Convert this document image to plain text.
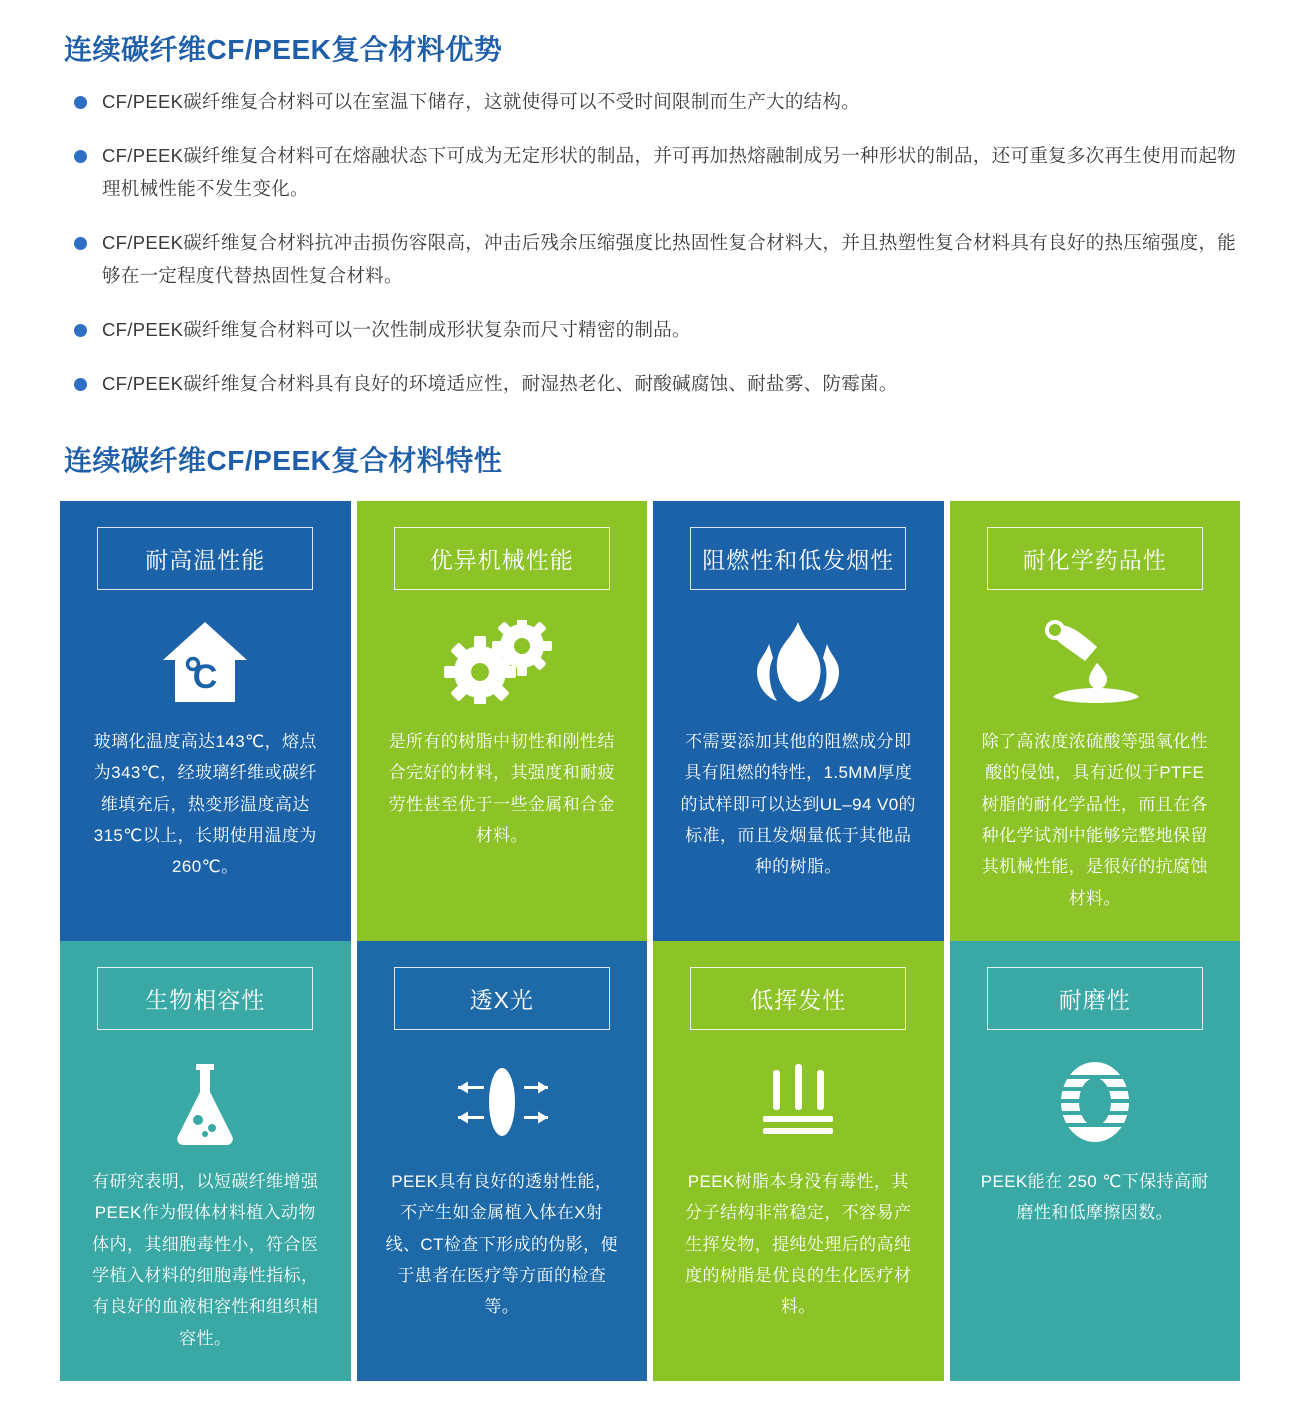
连续碳纤维CF/PEEK复合材料优势
CF/PEEK碳纤维复合材料可以在室温下储存，这就使得可以不受时间限制而生产大的结构。
CF/PEEK碳纤维复合材料可在熔融状态下可成为无定形状的制品，并可再加热熔融制成另一种形状的制品，还可重复多次再生使用而起物理机械性能不发生变化。
CF/PEEK碳纤维复合材料抗冲击损伤容限高，冲击后残余压缩强度比热固性复合材料大，并且热塑性复合材料具有良好的热压缩强度，能够在一定程度代替热固性复合材料。
CF/PEEK碳纤维复合材料可以一次性制成形状复杂而尺寸精密的制品。
CF/PEEK碳纤维复合材料具有良好的环境适应性，耐湿热老化、耐酸碱腐蚀、耐盐雾、防霉菌。
连续碳纤维CF/PEEK复合材料特性
耐高温性能
C
玻璃化温度高达143℃，熔点为343℃，经玻璃纤维或碳纤维填充后，热变形温度高达315℃以上，长期使用温度为260℃。
优异机械性能
是所有的树脂中韧性和刚性结合完好的材料，其强度和耐疲劳性甚至优于一些金属和合金材料。
阻燃性和低发烟性
不需要添加其他的阻燃成分即具有阻燃的特性，1.5MM厚度的试样即可以达到UL–94 V0的标准，而且发烟量低于其他品种的树脂。
耐化学药品性
除了高浓度浓硫酸等强氧化性酸的侵蚀，具有近似于PTFE树脂的耐化学品性，而且在各种化学试剂中能够完整地保留其机械性能，是很好的抗腐蚀材料。
生物相容性
有研究表明，以短碳纤维增强PEEK作为假体材料植入动物体内，其细胞毒性小，符合医学植入材料的细胞毒性指标，有良好的血液相容性和组织相容性。
透X光
PEEK具有良好的透射性能，不产生如金属植入体在X射线、CT检查下形成的伪影，便于患者在医疗等方面的检查等。
低挥发性
PEEK树脂本身没有毒性，其分子结构非常稳定，不容易产生挥发物，提纯处理后的高纯度的树脂是优良的生化医疗材料。
耐磨性
PEEK能在 250 ℃下保持高耐磨性和低摩擦因数。
